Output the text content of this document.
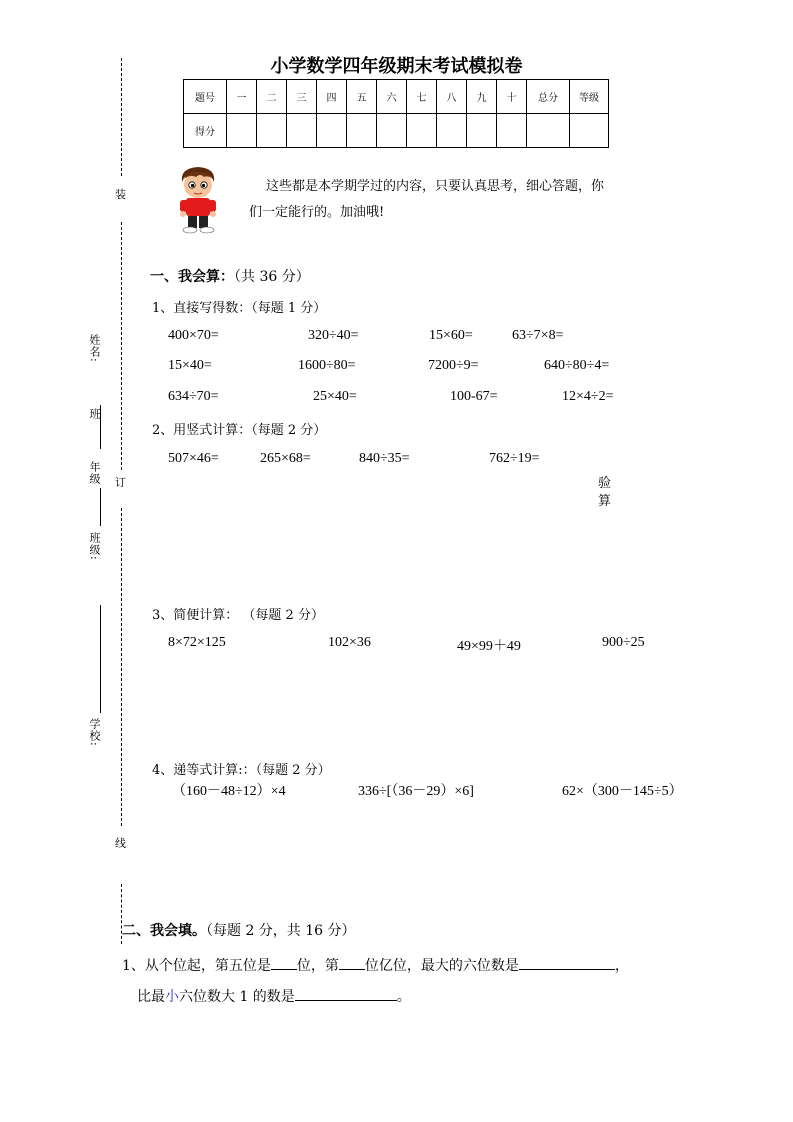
小学数学四年级期末考试模拟卷
题号	一	二	三	四	五	六	七	八	九	十	总分	等级
得分												
装
订
线
姓名:
班
年级
班级:
学校:
这些都是本学期学过的内容，只要认真思考，细心答题，你
们一定能行的。加油哦!
一、我会算：（共 36 分）
1、直接写得数：（每题 1 分）
400×70=	320÷40=	15×60=	63÷7×8=
15×40=	1600÷80=	7200÷9=	640÷80÷4=
634÷70=	25×40=	100-67=	12×4÷2=
2、用竖式计算：（每题 2 分）
507×46=	265×68=	840÷35=	762÷19=
验
算
3、简便计算： （每题 2 分）
8×72×125	102×36	49×99＋49	900÷25
4、递等式计算:：（每题 2 分）
（160－48÷12）×4	336÷[（36－29）×6]	62×（300－145÷5）
二、我会填。（每题 2 分，共 16 分）
1、从个位起，第五位是 位，第 位亿位，最大的六位数是	，
比最小六位数大 1 的数是	。
